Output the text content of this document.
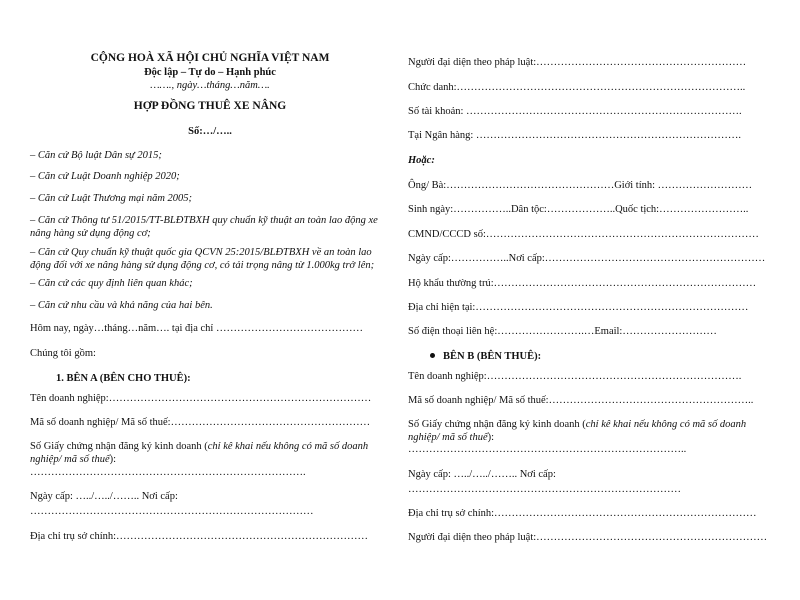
CỘNG HOÀ XÃ HỘI CHỦ NGHĨA VIỆT NAM
Độc lập – Tự do – Hạnh phúc
……., ngày…tháng…năm….
HỢP ĐỒNG THUÊ XE NÂNG
Số:…/…..
– Căn cứ Bộ luật Dân sự 2015;
– Căn cứ Luật Doanh nghiệp 2020;
– Căn cứ Luật Thương mại năm 2005;
– Căn cứ Thông tư 51/2015/TT-BLĐTBXH quy chuẩn kỹ thuật an toàn lao động xe nâng hàng sử dụng động cơ;
– Căn cứ Quy chuẩn kỹ thuật quốc gia QCVN 25:2015/BLĐTBXH về an toàn lao động đối với xe nâng hàng sử dụng động cơ, có tải trọng nâng từ 1.000kg trở lên;
– Căn cứ các quy định liên quan khác;
– Căn cứ nhu cầu và khả năng của hai bên.
Hôm nay, ngày…tháng…năm…. tại địa chỉ ……………………………………
Chúng tôi gồm:
1. BÊN A (BÊN CHO THUÊ):
Tên doanh nghiệp:…………………………………………………………………
Mã số doanh nghiệp/ Mã số thuế:…………………………………………………
Số Giấy chứng nhận đăng ký kinh doanh (chỉ kê khai nếu không có mã số doanh nghiệp/ mã số thuế):
…………………………………………………………………….
Ngày cấp: …../…../…….. Nơi cấp:
………………………………………………………………………
Địa chỉ trụ sở chính:………………………………………………………………
Người đại diện theo pháp luật:……………………………………………………
Chức danh:………………………………………………………………………..
Số tài khoản: …………………………………………………………………….
Tại Ngân hàng: ………………………………………………………………….
Hoặc:
Ông/ Bà:…………………………………………Giới tính: ………………………
Sinh ngày:……………..Dân tộc:………………..Quốc tịch:……………………..
CMND/CCCD số:……………………………………………………………………
Ngày cấp:……………..Nơi cấp:………………………………………………………
Hộ khẩu thường trú:…………………………………………………………………
Địa chỉ hiện tại:……………………………………………………………………
Số điện thoại liên hệ:…………………….…Email:………………………
BÊN B (BÊN THUÊ):
Tên doanh nghiệp:……………………………………………………………….
Mã số doanh nghiệp/ Mã số thuế:…………………………………………………..
Số Giấy chứng nhận đăng ký kinh doanh (chỉ kê khai nếu không có mã số doanh nghiệp/ mã số thuế):
……………………………………………………………………..
Ngày cấp: …../…../…….. Nơi cấp:
……………………………………………………………………
Địa chỉ trụ sở chính:…………………………………………………………………
Người đại diện theo pháp luật:…………………………………………………………
